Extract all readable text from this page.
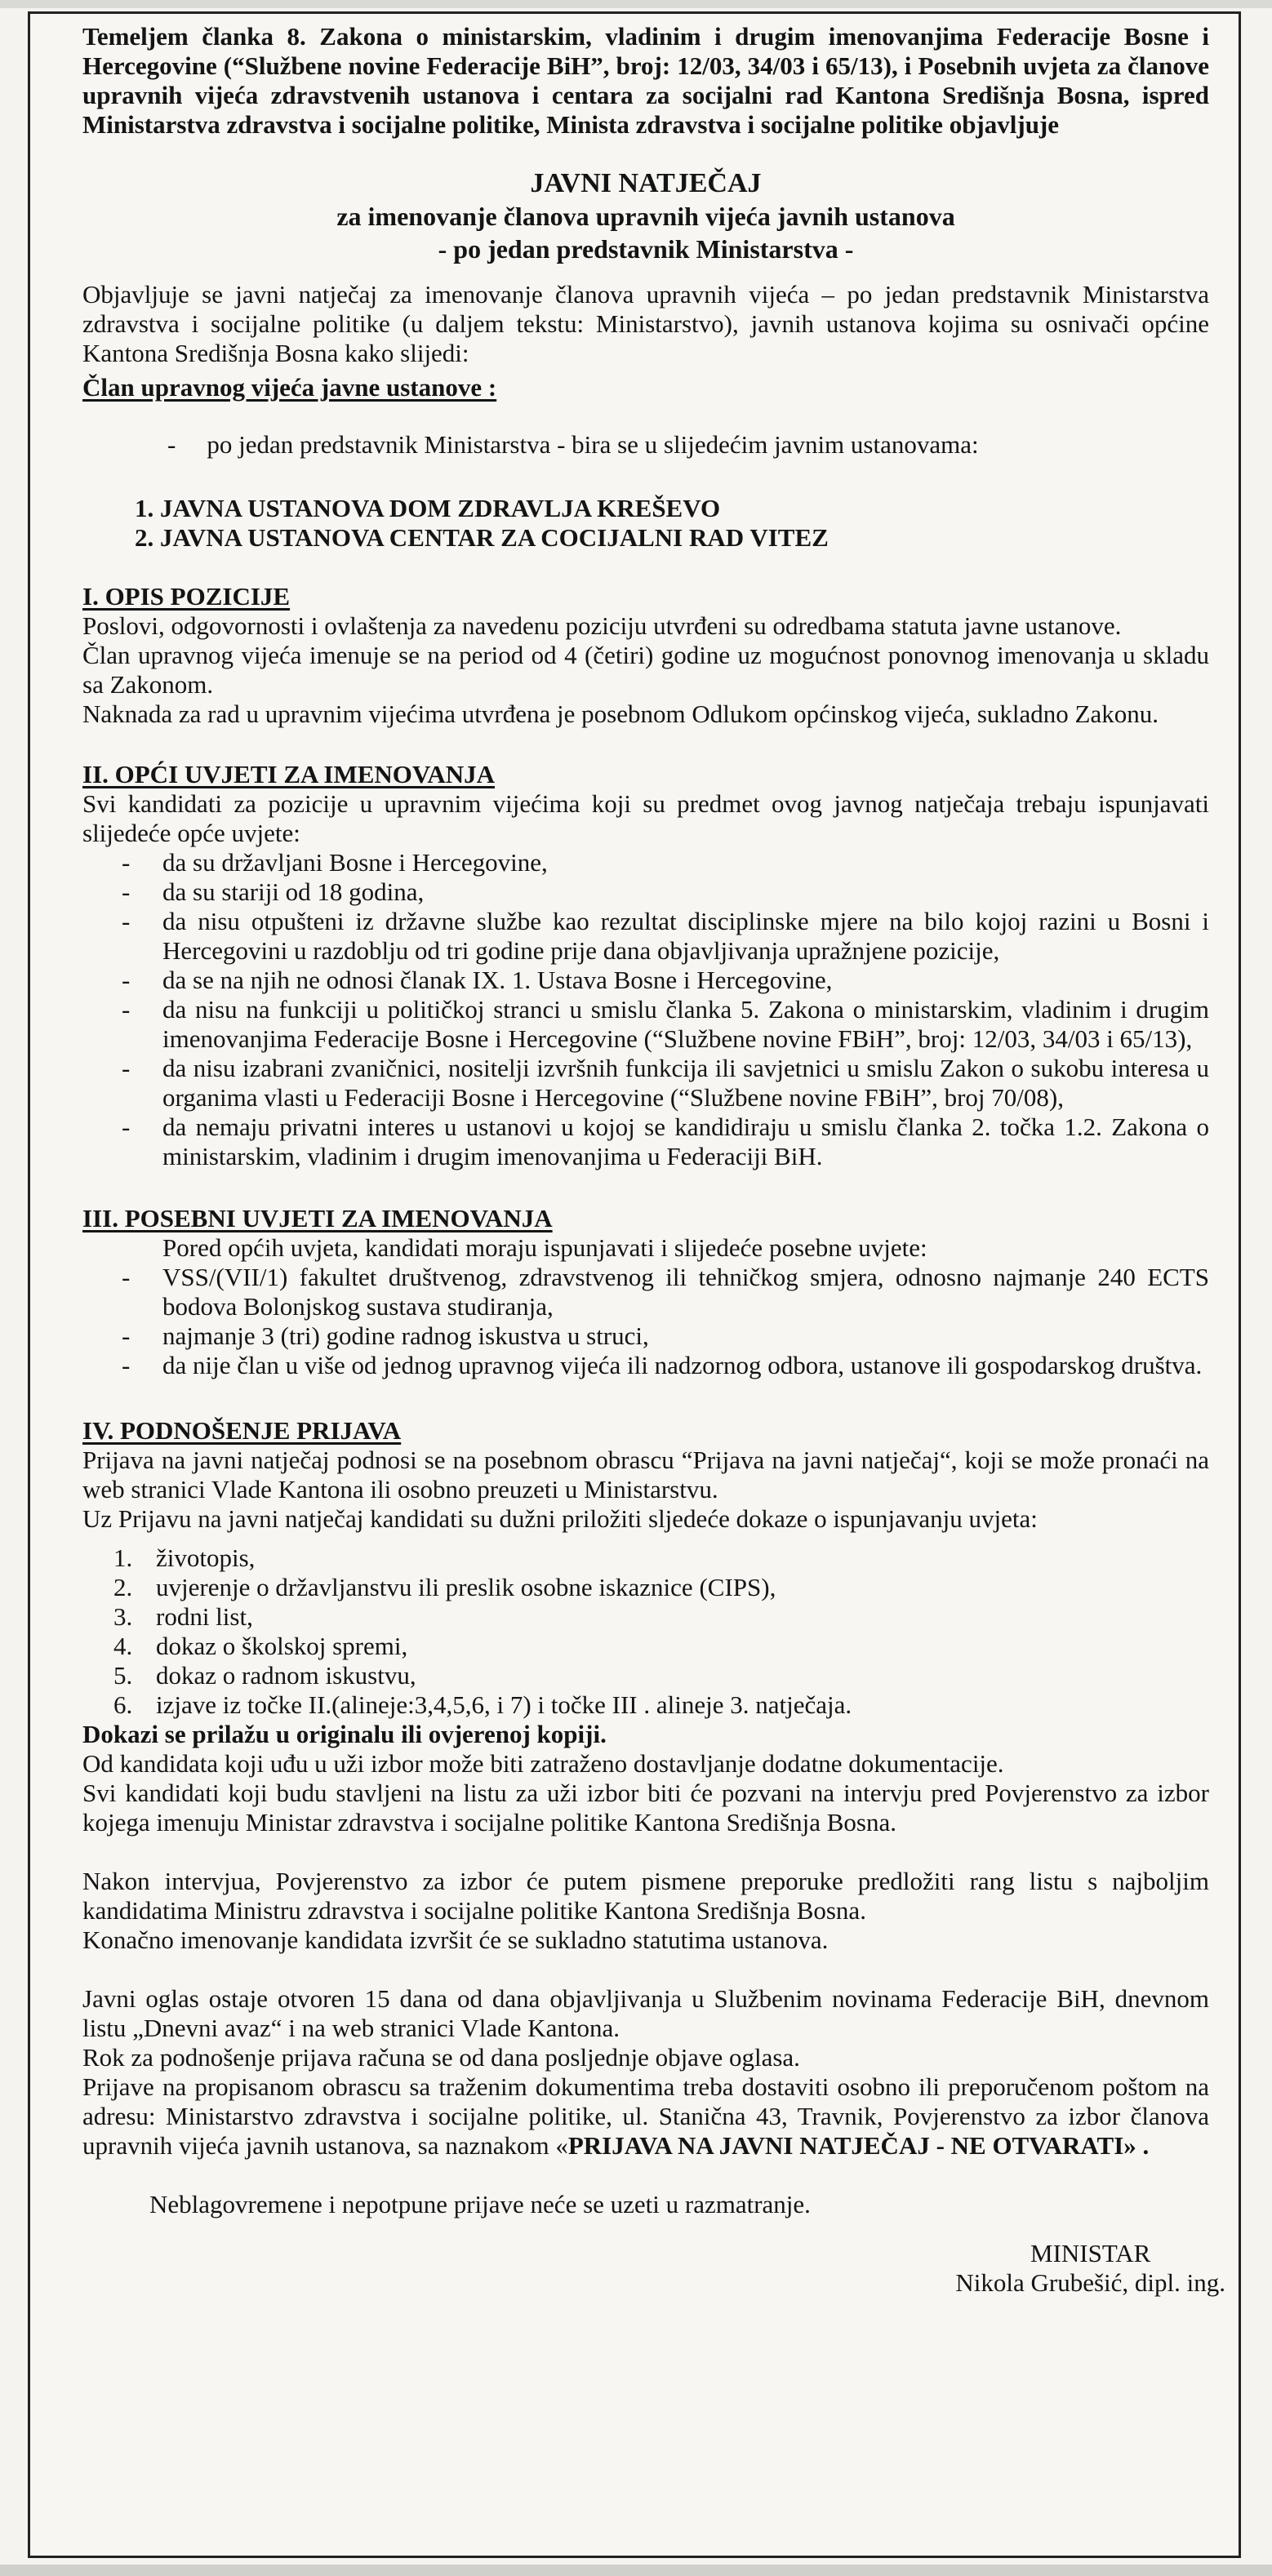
Temeljem članka 8. Zakona o ministarskim, vladinim i drugim imenovanjima Federacije Bosne i Hercegovine (“Službene novine Federacije BiH”, broj: 12/03, 34/03 i 65/13), i Posebnih uvjeta za članove upravnih vijeća zdravstvenih ustanova i centara za socijalni rad Kantona Središnja Bosna, ispred Ministarstva zdravstva i socijalne politike, Minista zdravstva i socijalne politike objavljuje

JAVNI NATJEČAJ

za imenovanje članova upravnih vijeća javnih ustanova

- po jedan predstavnik Ministarstva -

Objavljuje se javni natječaj za imenovanje članova upravnih vijeća – po jedan predstavnik Ministarstva zdravstva i socijalne politike (u daljem tekstu: Ministarstvo), javnih ustanova kojima su osnivači općine Kantona Središnja Bosna kako slijedi:

Član upravnog vijeća javne ustanove :

- po jedan predstavnik Ministarstva - bira se u slijedećim javnim ustanovama:

1. JAVNA USTANOVA DOM ZDRAVLJA KREŠEVO

2. JAVNA USTANOVA CENTAR ZA COCIJALNI RAD VITEZ

I. OPIS POZICIJE

Poslovi, odgovornosti i ovlaštenja za navedenu poziciju utvrđeni su odredbama statuta javne ustanove.

Član upravnog vijeća imenuje se na period od 4 (četiri) godine uz mogućnost ponovnog imenovanja u skladu sa Zakonom.

Naknada za rad u upravnim vijećima utvrđena je posebnom Odlukom općinskog vijeća, sukladno Zakonu.

II. OPĆI UVJETI ZA IMENOVANJA

Svi kandidati za pozicije u upravnim vijećima koji su predmet ovog javnog natječaja trebaju ispunjavati slijedeće opće uvjete:

- da su državljani Bosne i Hercegovine,
- da su stariji od 18 godina,
- da nisu otpušteni iz državne službe kao rezultat disciplinske mjere na bilo kojoj razini u Bosni i Hercegovini u razdoblju od tri godine prije dana objavljivanja upražnjene pozicije,
- da se na njih ne odnosi članak IX. 1. Ustava Bosne i Hercegovine,
- da nisu na funkciji u političkoj stranci u smislu članka 5. Zakona o ministarskim, vladinim i drugim imenovanjima Federacije Bosne i Hercegovine (“Službene novine FBiH”, broj: 12/03, 34/03 i 65/13),
- da nisu izabrani zvaničnici, nositelji izvršnih funkcija ili savjetnici u smislu Zakon o sukobu interesa u organima vlasti u Federaciji Bosne i Hercegovine (“Službene novine FBiH”, broj 70/08),
- da nemaju privatni interes u ustanovi u kojoj se kandidiraju u smislu članka 2. točka 1.2. Zakona o ministarskim, vladinim i drugim imenovanjima u Federaciji BiH.

III. POSEBNI UVJETI ZA IMENOVANJA

Pored općih uvjeta, kandidati moraju ispunjavati i slijedeće posebne uvjete:

- VSS/(VII/1) fakultet društvenog, zdravstvenog ili tehničkog smjera, odnosno najmanje 240 ECTS bodova Bolonjskog sustava studiranja,
- najmanje 3 (tri) godine radnog iskustva u struci,
- da nije član u više od jednog upravnog vijeća ili nadzornog odbora, ustanove ili gospodarskog društva.

IV. PODNOŠENJE PRIJAVA

Prijava na javni natječaj podnosi se na posebnom obrascu “Prijava na javni natječaj“, koji se može pronaći na web stranici Vlade Kantona ili osobno preuzeti u Ministarstvu.

Uz Prijavu na javni natječaj kandidati su dužni priložiti sljedeće dokaze o ispunjavanju uvjeta:

1. životopis,
2. uvjerenje o državljanstvu ili preslik osobne iskaznice (CIPS),
3. rodni list,
4. dokaz o školskoj spremi,
5. dokaz o radnom iskustvu,
6. izjave iz točke II.(alineje:3,4,5,6, i 7) i točke III . alineje 3. natječaja.

Dokazi se prilažu u originalu ili ovjerenoj kopiji.

Od kandidata koji uđu u uži izbor može biti zatraženo dostavljanje dodatne dokumentacije.

Svi kandidati koji budu stavljeni na listu za uži izbor biti će pozvani na intervju pred Povjerenstvo za izbor kojega imenuju Ministar zdravstva i socijalne politike Kantona Središnja Bosna.

Nakon intervjua, Povjerenstvo za izbor će putem pismene preporuke predložiti rang listu s najboljim kandidatima Ministru zdravstva i socijalne politike Kantona Središnja Bosna.

Konačno imenovanje kandidata izvršit će se sukladno statutima ustanova.

Javni oglas ostaje otvoren 15 dana od dana objavljivanja u Službenim novinama Federacije BiH, dnevnom listu „Dnevni avaz“ i na web stranici Vlade Kantona.

Rok za podnošenje prijava računa se od dana posljednje objave oglasa.

Prijave na propisanom obrascu sa traženim dokumentima treba dostaviti osobno ili preporučenom poštom na adresu: Ministarstvo zdravstva i socijalne politike, ul. Stanična 43, Travnik, Povjerenstvo za izbor članova upravnih vijeća javnih ustanova, sa naznakom «PRIJAVA NA JAVNI NATJEČAJ - NE OTVARATI» .

Neblagovremene i nepotpune prijave neće se uzeti u razmatranje.

MINISTAR
Nikola Grubešić, dipl. ing.
